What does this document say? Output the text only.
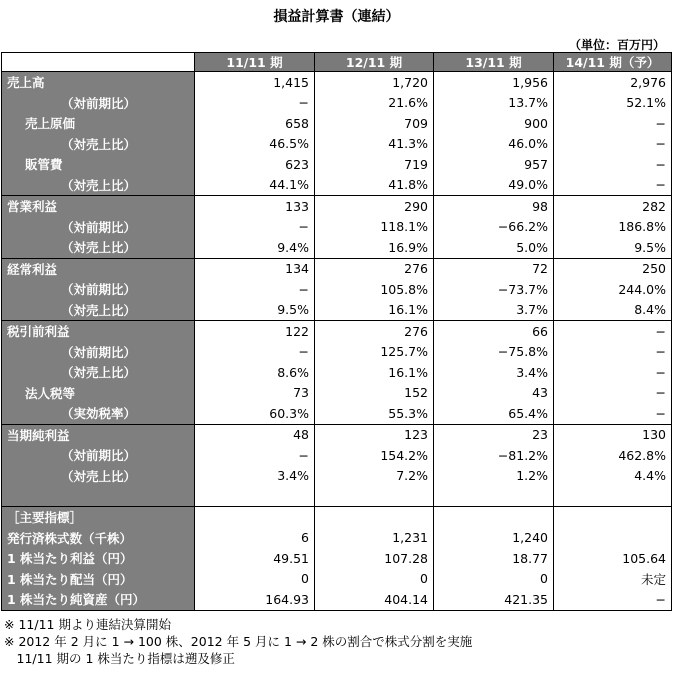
損益計算書（連結）
（単位：百万円）
	11/11 期	12/11 期	13/11 期	14/11 期（予）
売上高	1,415	1,720	1,956	2,976
（対前期比）	−	21.6%	13.7%	52.1%
売上原価	658	709	900	−
（対売上比）	46.5%	41.3%	46.0%	−
販管費	623	719	957	−
（対売上比）	44.1%	41.8%	49.0%	−
営業利益	133	290	98	282
（対前期比）	−	118.1%	−66.2%	186.8%
（対売上比）	9.4%	16.9%	5.0%	9.5%
経常利益	134	276	72	250
（対前期比）	−	105.8%	−73.7%	244.0%
（対売上比）	9.5%	16.1%	3.7%	8.4%
税引前利益	122	276	66	−
（対前期比）	−	125.7%	−75.8%	−
（対売上比）	8.6%	16.1%	3.4%	−
法人税等	73	152	43	−
（実効税率）	60.3%	55.3%	65.4%	−
当期純利益	48	123	23	130
（対前期比）	−	154.2%	−81.2%	462.8%
（対売上比）	3.4%	7.2%	1.2%	4.4%

［主要指標］				
発行済株式数（千株）	6	1,231	1,240	
1 株当たり利益（円）	49.51	107.28	18.77	105.64
1 株当たり配当（円）	0	0	0	未定
1 株当たり純資産（円）	164.93	404.14	421.35	−
※ 11/11 期より連結決算開始
※ 2012 年 2 月に 1 → 100 株、2012 年 5 月に 1 → 2 株の割合で株式分割を実施
　11/11 期の 1 株当たり指標は遡及修正
